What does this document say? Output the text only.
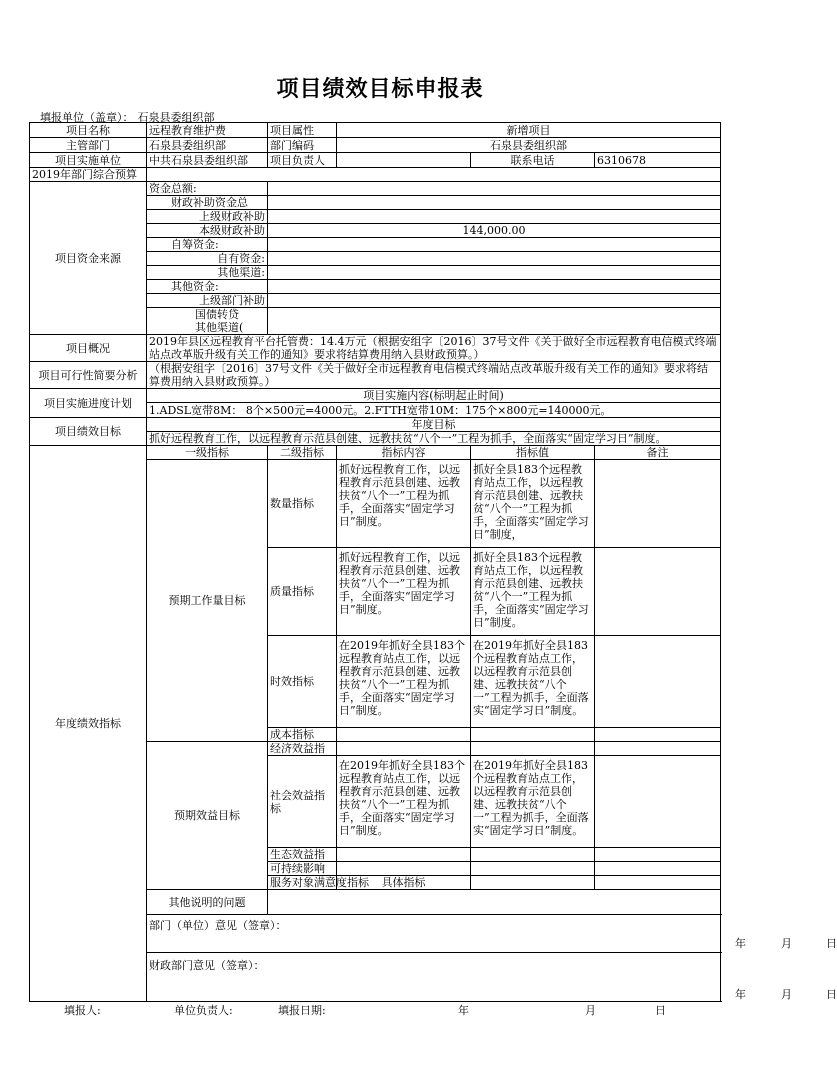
项目绩效目标申报表
填报单位（盖章）： 石泉县委组织部
项目名称	远程教育维护费	项目属性	新增项目			
主管部门	石泉县委组织部	部门编码	石泉县委组织部			
项目实施单位	中共石泉县委组织部	项目负责人		联系电话	6310678	
2019年部门综合预算						
项目资金来源	资金总额:					
	财政补助资金总					
	上级财政补助					
	本级财政补助	144,000.00				
	自筹资金:					
	自有资金:					
	其他渠道:					
	其他资金:					
	上级部门补助					
	国债转贷
其他渠道(					
项目概况	2019年县区远程教育平台托管费：14.4万元（根据安组字〔2016〕37号文件《关于做好全市远程教育电信模式终端站点改革版升级有关工作的通知》要求将结算费用纳入县财政预算。）					
项目可行性简要分析	（根据安组字〔2016〕37号文件《关于做好全市远程教育电信模式终端站点改革版升级有关工作的通知》要求将结算费用纳入县财政预算。）					
项目实施进度计划	项目实施内容(标明起止时间)					
	1.ADSL宽带8M： 8个×500元=4000元。2.FTTH宽带10M：175个×800元=140000元。					
项目绩效目标	年度目标					
	抓好远程教育工作，以远程教育示范县创建、远教扶贫“八个一”工程为抓手，全面落实“固定学习日”制度。					
年度绩效指标	一级指标	二级指标	指标内容	指标值	备注	
	预期工作量目标	数量指标	抓好远程教育工作，以远程教育示范县创建、远教扶贫“八个一”工程为抓手，全面落实“固定学习日”制度。	抓好全县183个远程教育站点工作，以远程教育示范县创建、远教扶贫“八个一”工程为抓手，全面落实“固定学习日”制度，		
		质量指标	抓好远程教育工作，以远程教育示范县创建、远教扶贫“八个一”工程为抓手，全面落实“固定学习日”制度。	抓好全县183个远程教育站点工作，以远程教育示范县创建、远教扶贫“八个一”工程为抓手，全面落实“固定学习日”制度。		
		时效指标	在2019年抓好全县183个远程教育站点工作，以远程教育示范县创建、远教扶贫“八个一”工程为抓手，全面落实“固定学习日”制度。	在2019年抓好全县183个远程教育站点工作，以远程教育示范县创建、远教扶贫“八个一”工程为抓手，全面落实“固定学习日”制度。		
		成本指标				
	预期效益目标	经济效益指				
		社会效益指标	在2019年抓好全县183个远程教育站点工作，以远程教育示范县创建、远教扶贫“八个一”工程为抓手，全面落实“固定学习日”制度。	在2019年抓好全县183个远程教育站点工作，以远程教育示范县创建、远教扶贫“八个一”工程为抓手，全面落实“固定学习日”制度。		
		生态效益指				
		可持续影响				
		服务对象满意度指标	具体指标			
	其他说明的问题					
	部门（单位）意见（签章）：
年 月 日					

	财政部门意见（签章）：
年 月 日					
填报人:	单位负责人:	填报日期:	年	月	日
